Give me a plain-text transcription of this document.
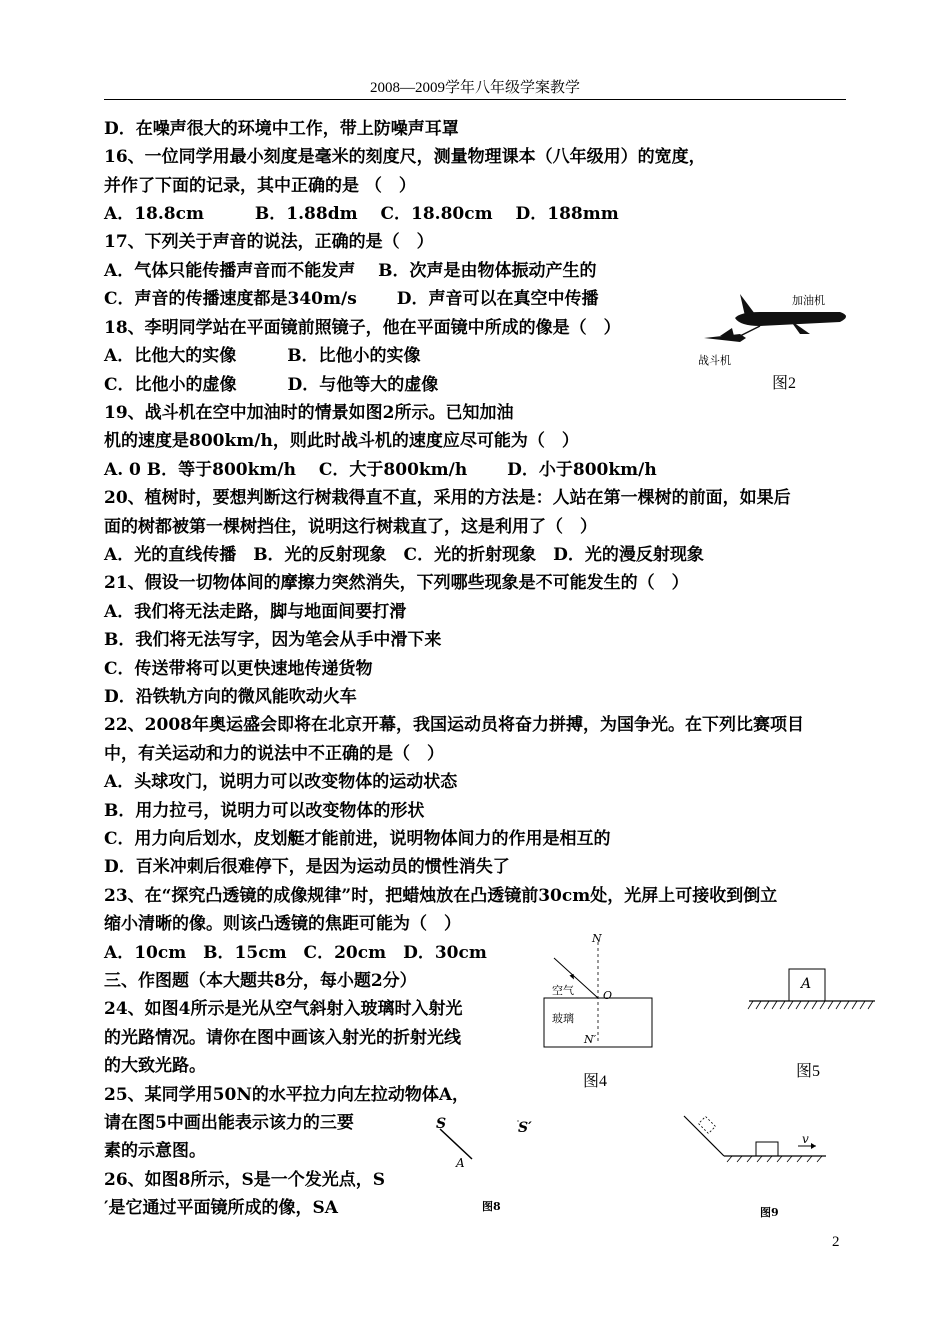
2008—2009学年八年级学案教学
D．在噪声很大的环境中工作，带上防噪声耳罩
16、一位同学用最小刻度是毫米的刻度尺，测量物理课本（八年级用）的宽度，
并作了下面的记录，其中正确的是 （　）
A．18.8cm　　　B．1.88dm　 C．18.80cm　 D．188mm
17、下列关于声音的说法，正确的是（　）
A．气体只能传播声音而不能发声　 B．次声是由物体振动产生的
C．声音的传播速度都是340m/s　　 D．声音可以在真空中传播
18、李明同学站在平面镜前照镜子，他在平面镜中所成的像是（　）
A．比他大的实像　　　B．比他小的实像
C．比他小的虚像　　　D．与他等大的虚像
19、战斗机在空中加油时的情景如图2所示。已知加油
机的速度是800km/h，则此时战斗机的速度应尽可能为（　）
A. 0 B．等于800km/h　 C．大于800km/h　　 D．小于800km/h
20、植树时，要想判断这行树栽得直不直，采用的方法是：人站在第一棵树的前面，如果后
面的树都被第一棵树挡住，说明这行树栽直了，这是利用了（　）
A．光的直线传播　B．光的反射现象　C．光的折射现象　D．光的漫反射现象
21、假设一切物体间的摩擦力突然消失，下列哪些现象是不可能发生的（　）
A．我们将无法走路，脚与地面间要打滑
B．我们将无法写字，因为笔会从手中滑下来
C．传送带将可以更快速地传递货物
D．沿铁轨方向的微风能吹动火车
22、2008年奥运盛会即将在北京开幕，我国运动员将奋力拼搏，为国争光。在下列比赛项目
中，有关运动和力的说法中不正确的是（　）
A．头球攻门，说明力可以改变物体的运动状态
B．用力拉弓，说明力可以改变物体的形状
C．用力向后划水，皮划艇才能前进，说明物体间力的作用是相互的
D．百米冲刺后很难停下，是因为运动员的惯性消失了
23、在“探究凸透镜的成像规律”时，把蜡烛放在凸透镜前30cm处，光屏上可接收到倒立
缩小清晰的像。则该凸透镜的焦距可能为（　）
A．10cm　B．15cm　C．20cm　D．30cm
三、作图题（本大题共8分，每小题2分）
24、如图4所示是光从空气斜射入玻璃时入射光
的光路情况。请你在图中画该入射光的折射光线
的大致光路。
25、某同学用50N的水平拉力向左拉动物体A，
请在图5中画出能表示该力的三要
素的示意图。
26、如图8所示，S是一个发光点，S
′是它通过平面镜所成的像，SA
加油机
战斗机
图2
N
O
空气
玻璃
N′
图4
A
图5
S	S′
A
图8
v
图9
2
